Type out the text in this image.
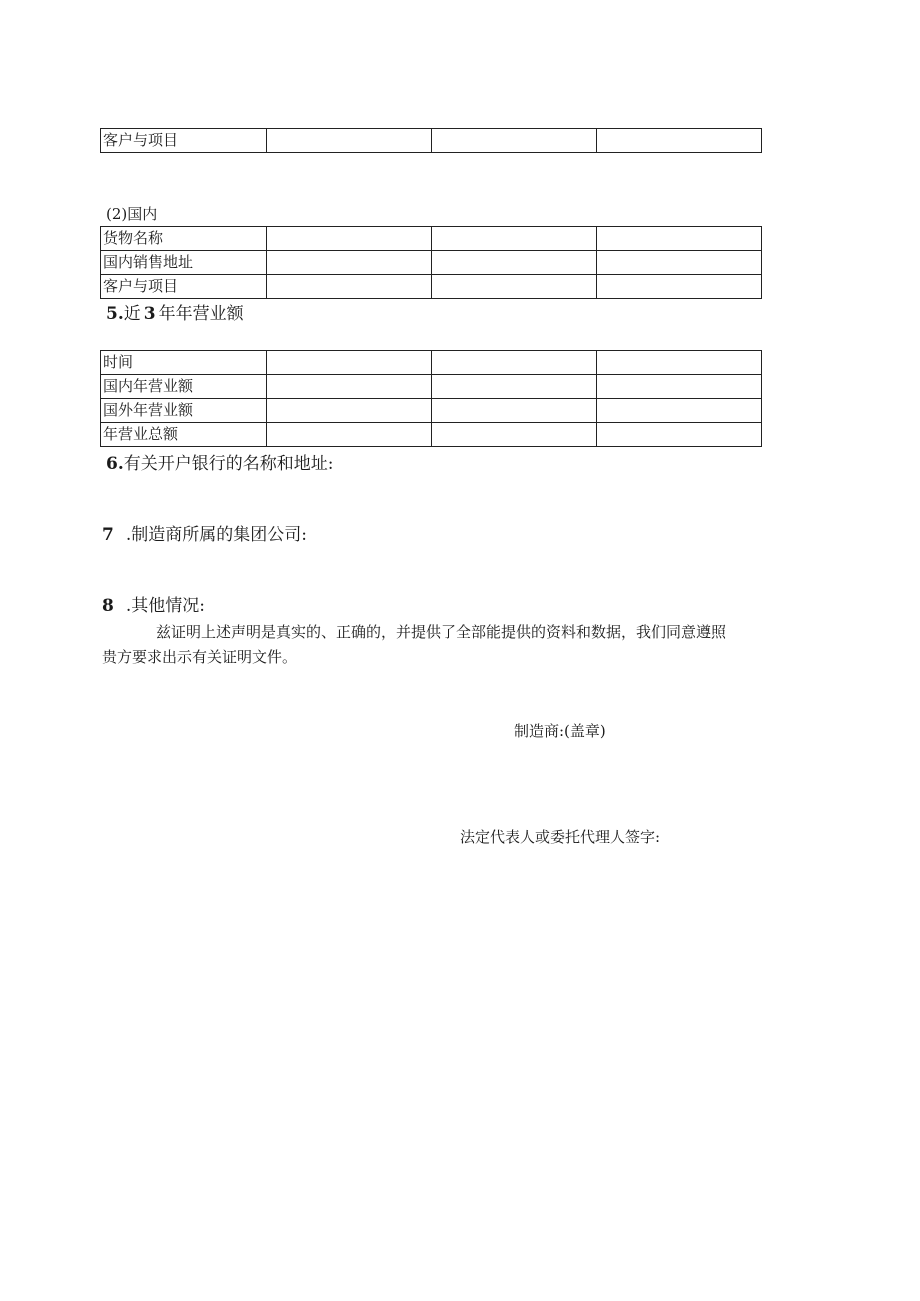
客户与项目			
(2)国内
货物名称			
国内销售地址			
客户与项目			
5.近 3 年年营业额
时间			
国内年营业额			
国外年营业额			
年营业总额			
6.有关开户银行的名称和地址:
7 .制造商所属的集团公司:
8 .其他情况:
兹证明上述声明是真实的、正确的，并提供了全部能提供的资料和数据，我们同意遵照
贵方要求出示有关证明文件。
制造商:(盖章)
法定代表人或委托代理人签字:
